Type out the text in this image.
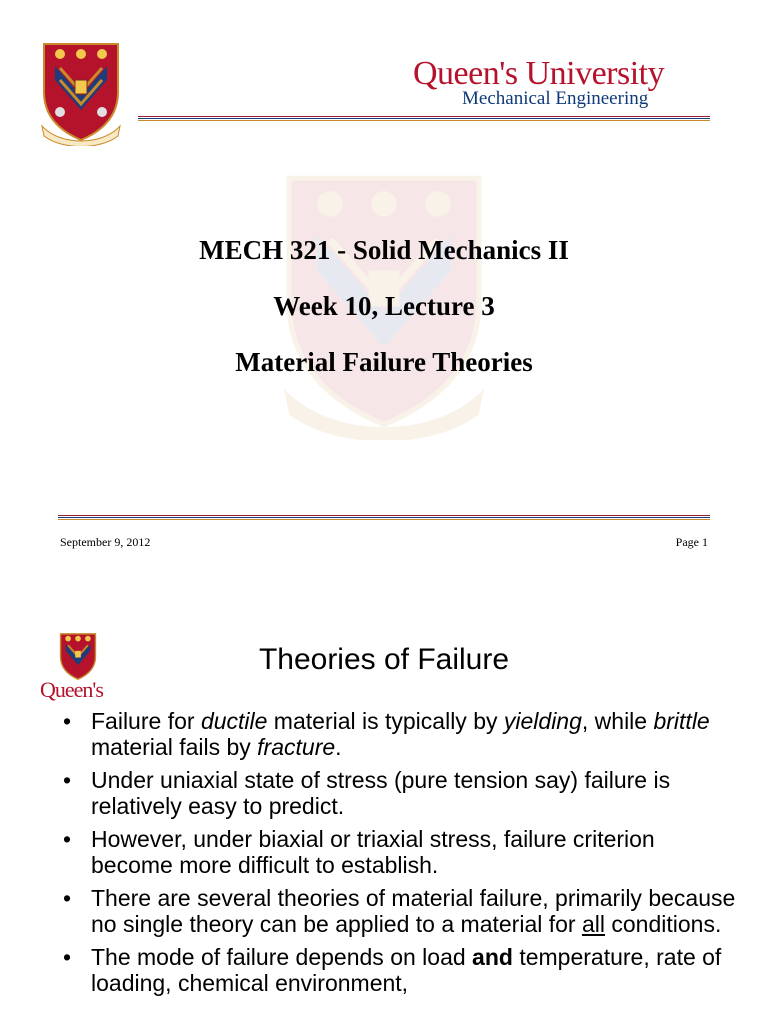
Queen's University
Mechanical Engineering
MECH 321 - Solid Mechanics II
Week 10, Lecture 3
Material Failure Theories
September 9, 2012	Page 1
Queen's
Theories of Failure
• Failure for ductile material is typically by yielding, while brittle material fails by fracture.
• Under uniaxial state of stress (pure tension say) failure is relatively easy to predict.
• However, under biaxial or triaxial stress, failure criterion become more difficult to establish.
• There are several theories of material failure, primarily because no single theory can be applied to a material for all conditions.
• The mode of failure depends on load and temperature, rate of loading, chemical environment,
